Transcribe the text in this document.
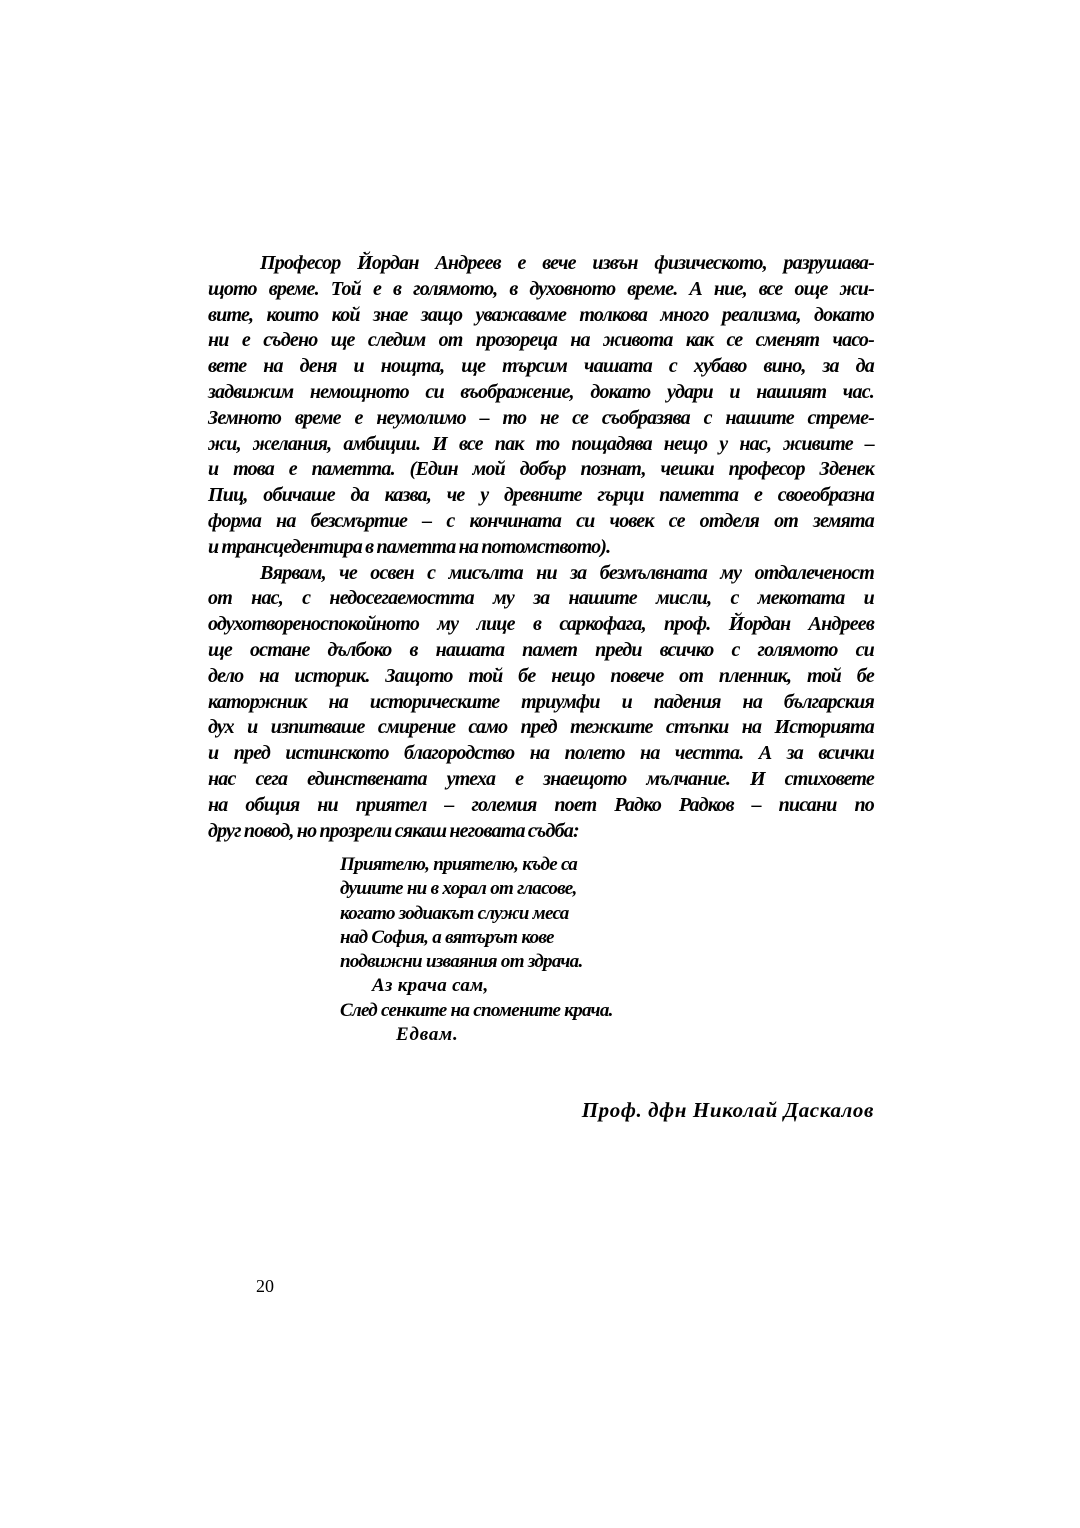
Професор Йордан Андреев е вече извън физическото, разрушава-
щото време. Той е в голямото, в духовното време. А ние, все още жи-
вите, които кой знае защо уважаваме толкова много реализма, докато
ни е съдено ще следим от прозореца на живота как се сменят часо-
вете на деня и нощта, ще търсим чашата с хубаво вино, за да
задвижим немощното си въображение, докато удари и нашият час.
Земното време е неумолимо – то не се съобразява с нашите стреме-
жи, желания, амбиции. И все пак то пощадява нещо у нас, живите –
и това е паметта. (Един мой добър познат, чешки професор Зденек
Пиц, обичаше да казва, че у древните гърци паметта е своеобразна
форма на безсмъртие – с кончината си човек се отделя от земята
и трансцедентира в паметта на потомството).
Вярвам, че освен с мисълта ни за безмълвната му отдалеченост
от нас, с недосегаемостта му за нашите мисли, с мекотата и
одухотвореноспокойното му лице в саркофага, проф. Йордан Андреев
ще остане дълбоко в нашата памет преди всичко с голямото си
дело на историк. Защото той бе нещо повече от пленник, той бе
каторжник на историческите триумфи и падения на българския
дух и изпитваше смирение само пред тежките стъпки на Историята
и пред истинското благородство на полето на честта. А за всички
нас сега единствената утеха е знаещото мълчание. И стиховете
на общия ни приятел – големия поет Радко Радков – писани по
друг повод, но прозрели сякаш неговата съдба:
Приятелю, приятелю, къде са
душите ни в хорал от гласове,
когато зодиакът служи меса
над София, а вятърът кове
подвижни изваяния от здрача.
Аз крача сам,
След сенките на спомените крача.
Едвам.
Проф. дфн Николай Даскалов
20
